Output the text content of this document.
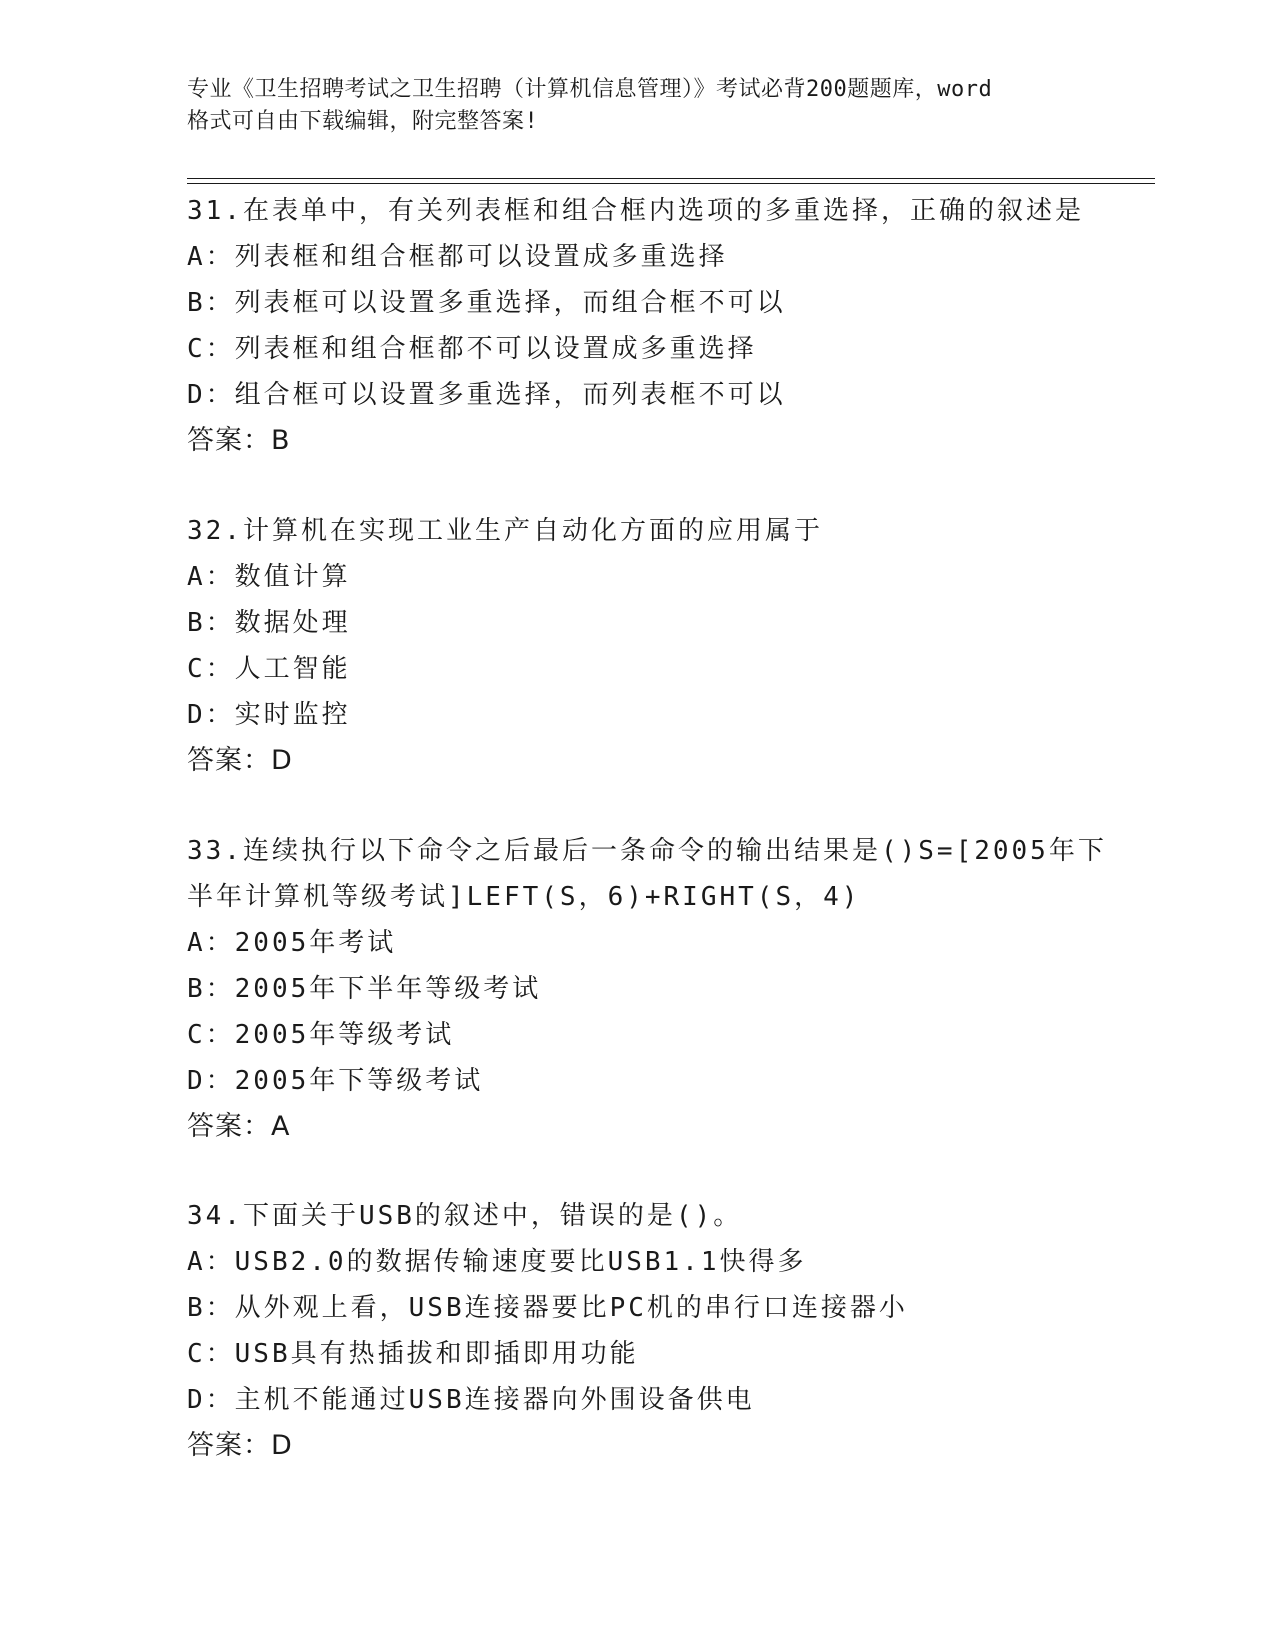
专业《卫生招聘考试之卫生招聘（计算机信息管理）》考试必背200题题库，word
格式可自由下载编辑，附完整答案!
31.在表单中，有关列表框和组合框内选项的多重选择，正确的叙述是
A：列表框和组合框都可以设置成多重选择
B：列表框可以设置多重选择，而组合框不可以
C：列表框和组合框都不可以设置成多重选择
D：组合框可以设置多重选择，而列表框不可以
答案：B
32.计算机在实现工业生产自动化方面的应用属于
A：数值计算
B：数据处理
C：人工智能
D：实时监控
答案：D
33.连续执行以下命令之后最后一条命令的输出结果是()S=[2005年下
半年计算机等级考试]LEFT(S，6)+RIGHT(S，4)
A：2005年考试
B：2005年下半年等级考试
C：2005年等级考试
D：2005年下等级考试
答案：A
34.下面关于USB的叙述中，错误的是()。
A：USB2.0的数据传输速度要比USB1.1快得多
B：从外观上看，USB连接器要比PC机的串行口连接器小
C：USB具有热插拔和即插即用功能
D：主机不能通过USB连接器向外围设备供电
答案：D
